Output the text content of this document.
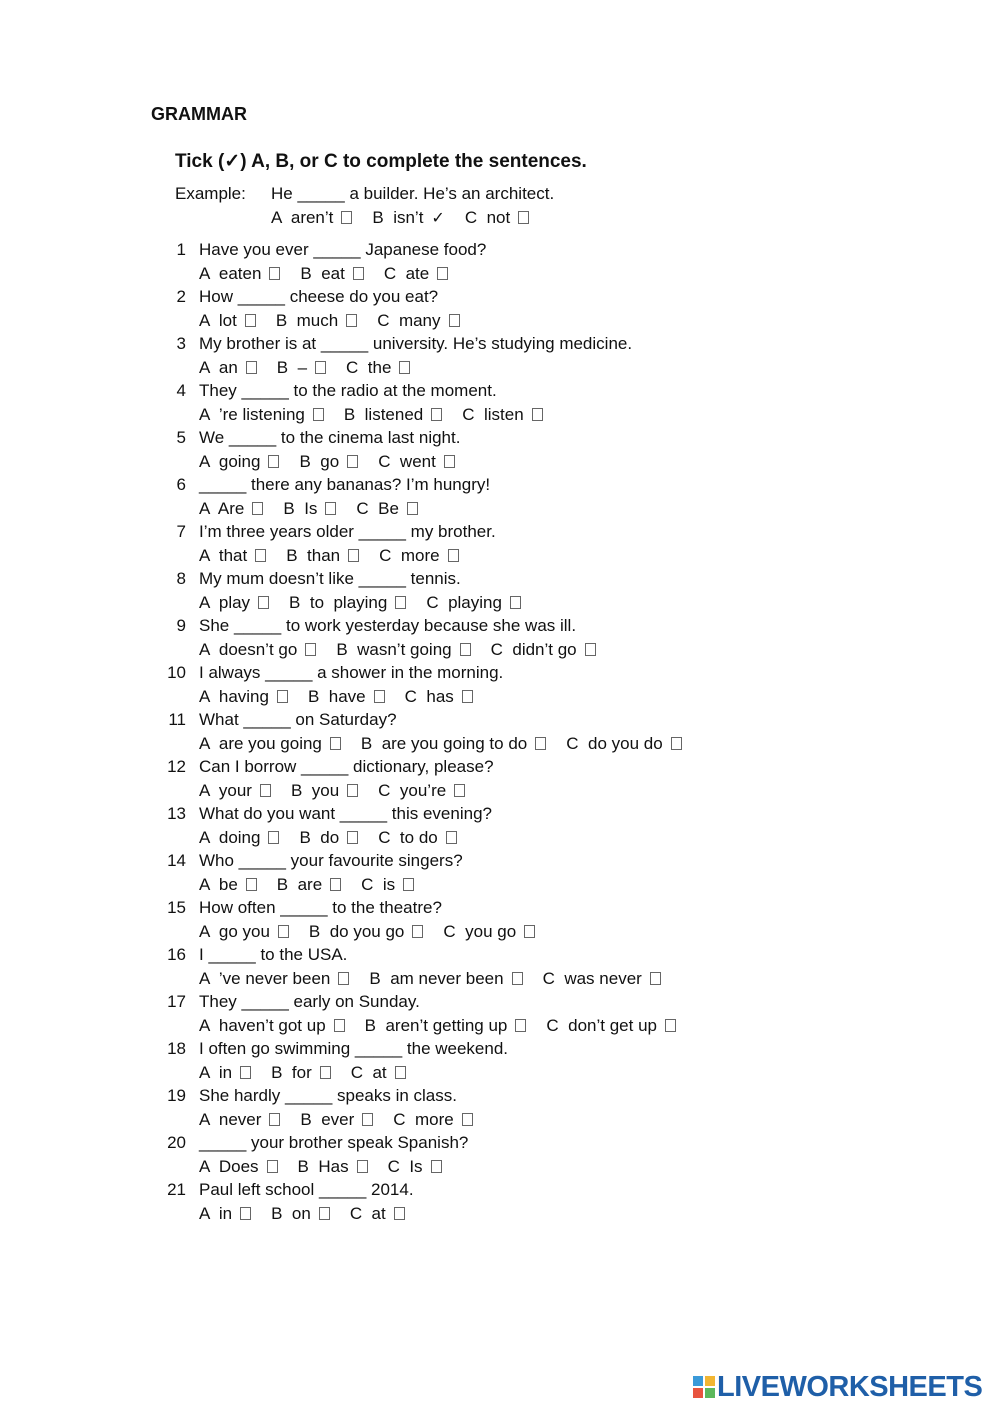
GRAMMAR
Tick (✓) A, B, or C to complete the sentences.
Example: He _____ a builder. He’s an architect.
A  aren’t B  isn’t ✓ C  not
1 Have you ever _____ Japanese food?
A  eaten B  eat C  ate
2 How _____ cheese do you eat?
A  lot B  much C  many
3 My brother is at _____ university. He’s studying medicine.
A  an B  – C  the
4 They _____ to the radio at the moment.
A  ’re listening B  listened C  listen
5 We _____ to the cinema last night.
A  going B  go C  went
6 _____ there any bananas? I’m hungry!
A  Are B  Is C  Be
7 I’m three years older _____ my brother.
A  that B  than C  more
8 My mum doesn’t like _____ tennis.
A  play B  to  playing C  playing
9 She _____ to work yesterday because she was ill.
A  doesn’t go B  wasn’t going C  didn’t go
10 I always _____ a shower in the morning.
A  having B  have C  has
11 What _____ on Saturday?
A  are you going B  are you going to do C  do you do
12 Can I borrow _____ dictionary, please?
A  your B  you C  you’re
13 What do you want _____ this evening?
A  doing B  do C  to do
14 Who _____ your favourite singers?
A  be B  are C  is
15 How often _____ to the theatre?
A  go you B  do you go C  you go
16 I _____ to the USA.
A  ’ve never been B  am never been C  was never
17 They _____ early on Sunday.
A  haven’t got up B  aren’t getting up C  don’t get up
18 I often go swimming _____ the weekend.
A  in B  for C  at
19 She hardly _____ speaks in class.
A  never B  ever C  more
20 _____ your brother speak Spanish?
A  Does B  Has C  Is
21 Paul left school _____ 2014.
A  in B  on C  at
LIVEWORKSHEETS
